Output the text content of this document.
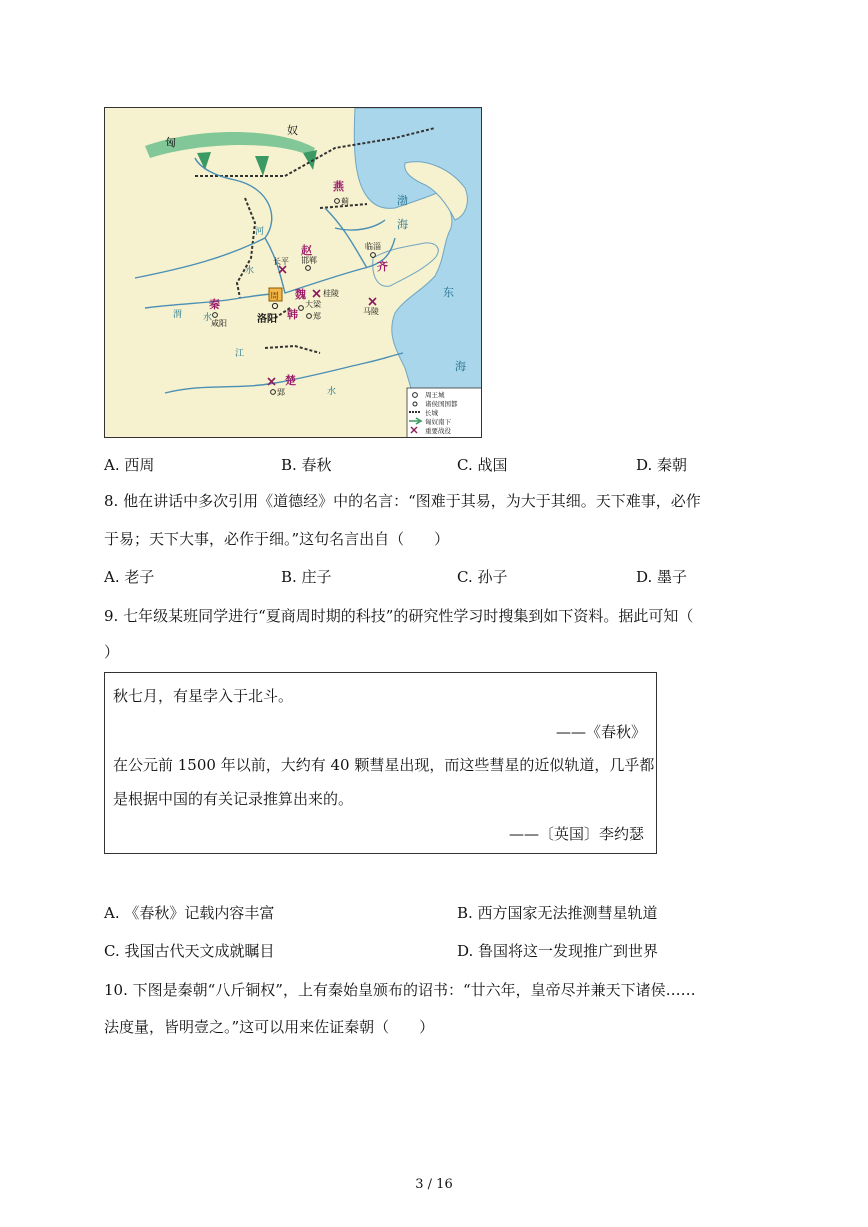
匈
奴
渤
海
东
海
河
水
水
渭
江
水
燕
赵
齐
秦
魏
韩
楚
周
蓟
邯郸
长平
临淄
桂陵
大梁
马陵
咸阳
郑
郢
洛阳
周王城
诸侯国国都
长城
匈奴南下
重要战役
A. 西周	B. 春秋	C. 战国	D. 秦朝
8. 他在讲话中多次引用《道德经》中的名言：“图难于其易，为大于其细。天下难事，必作
于易；天下大事，必作于细。”这句名言出自（　　）
A. 老子	B. 庄子	C. 孙子	D. 墨子
9. 七年级某班同学进行“夏商周时期的科技”的研究性学习时搜集到如下资料。据此可知（
）
秋七月，有星孛入于北斗。
——《春秋》
在公元前 1500 年以前，大约有 40 颗彗星出现，而这些彗星的近似轨道，几乎都
是根据中国的有关记录推算出来的。
——〔英国〕李约瑟
A. 《春秋》记载内容丰富	B. 西方国家无法推测彗星轨道
C. 我国古代天文成就瞩目	D. 鲁国将这一发现推广到世界
10. 下图是秦朝“八斤铜权”，上有秦始皇颁布的诏书：“廿六年，皇帝尽并兼天下诸侯……
法度量，皆明壹之。”这可以用来佐证秦朝（　　）
3 / 16
